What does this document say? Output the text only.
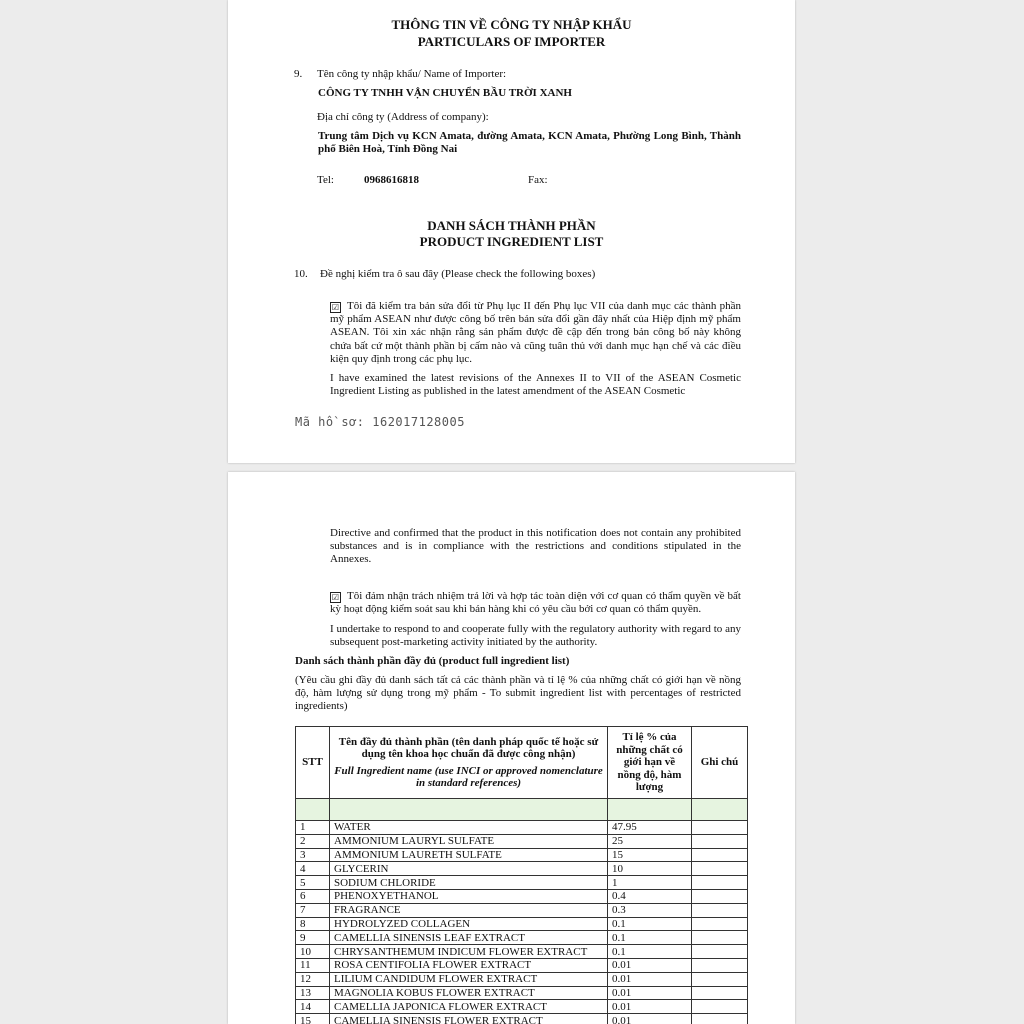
THÔNG TIN VỀ CÔNG TY NHẬP KHẨU
PARTICULARS OF IMPORTER
9. Tên công ty nhập khẩu/ Name of Importer:
CÔNG TY TNHH VẬN CHUYỂN BẦU TRỜI XANH
Địa chỉ công ty (Address of company):
Trung tâm Dịch vụ KCN Amata, đường Amata, KCN Amata, Phường Long Bình, Thành phố Biên Hoà, Tỉnh Đồng Nai
Tel:	0968616818	Fax:
DANH SÁCH THÀNH PHẦN
PRODUCT INGREDIENT LIST
10. Đề nghị kiểm tra ô sau đây (Please check the following boxes)
☑ Tôi đã kiểm tra bản sửa đổi từ Phụ lục II đến Phụ lục VII của danh mục các thành phần mỹ phẩm ASEAN như được công bố trên bản sửa đổi gần đây nhất của Hiệp định mỹ phẩm ASEAN. Tôi xin xác nhận rằng sản phẩm được đề cập đến trong bản công bố này không chứa bất cứ một thành phần bị cấm nào và cũng tuân thủ với danh mục hạn chế và các điều kiện quy định trong các phụ lục.
I have examined the latest revisions of the Annexes II to VII of the ASEAN Cosmetic Ingredient Listing as published in the latest amendment of the ASEAN Cosmetic
Mã hồ sơ: 162017128005
Directive and confirmed that the product in this notification does not contain any prohibited substances and is in compliance with the restrictions and conditions stipulated in the Annexes.
☑ Tôi đảm nhận trách nhiệm trả lời và hợp tác toàn diện với cơ quan có thẩm quyền về bất kỳ hoạt động kiểm soát sau khi bán hàng khi có yêu cầu bởi cơ quan có thẩm quyền.
I undertake to respond to and cooperate fully with the regulatory authority with regard to any subsequent post-marketing activity initiated by the authority.
Danh sách thành phần đầy đủ (product full ingredient list)
(Yêu cầu ghi đầy đủ danh sách tất cả các thành phần và tỉ lệ % của những chất có giới hạn về nồng độ, hàm lượng sử dụng trong mỹ phẩm - To submit ingredient list with percentages of restricted ingredients)
STT	Tên đầy đủ thành phần (tên danh pháp quốc tế hoặc sử dụng tên khoa học chuẩn đã được công nhận)
Full Ingredient name (use INCI or approved nomenclature in standard references)	Tỉ lệ % của những chất có giới hạn về nồng độ, hàm lượng	Ghi chú

1	WATER	47.95	
2	AMMONIUM LAURYL SULFATE	25	
3	AMMONIUM LAURETH SULFATE	15	
4	GLYCERIN	10	
5	SODIUM CHLORIDE	1	
6	PHENOXYETHANOL	0.4	
7	FRAGRANCE	0.3	
8	HYDROLYZED COLLAGEN	0.1	
9	CAMELLIA SINENSIS LEAF EXTRACT	0.1	
10	CHRYSANTHEMUM INDICUM FLOWER EXTRACT	0.1	
11	ROSA CENTIFOLIA FLOWER EXTRACT	0.01	
12	LILIUM CANDIDUM FLOWER EXTRACT	0.01	
13	MAGNOLIA KOBUS FLOWER EXTRACT	0.01	
14	CAMELLIA JAPONICA FLOWER EXTRACT	0.01	
15	CAMELLIA SINENSIS FLOWER EXTRACT	0.01	
